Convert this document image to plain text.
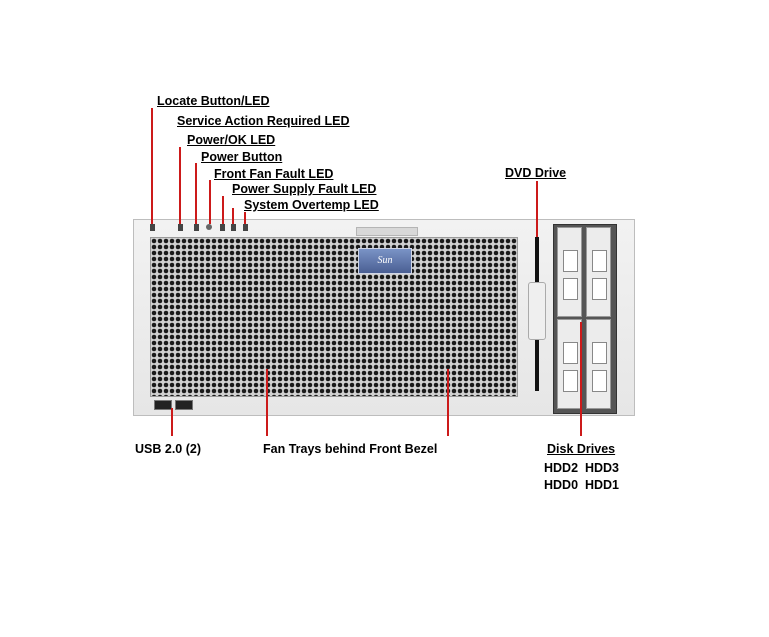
Sun
Locate Button/LED
Service Action Required LED
Power/OK LED
Power Button
Front Fan Fault LED
Power Supply Fault LED
System Overtemp LED
DVD Drive
USB 2.0 (2)	Fan Trays behind Front Bezel	Disk Drives
HDD2  HDD3
HDD0  HDD1
